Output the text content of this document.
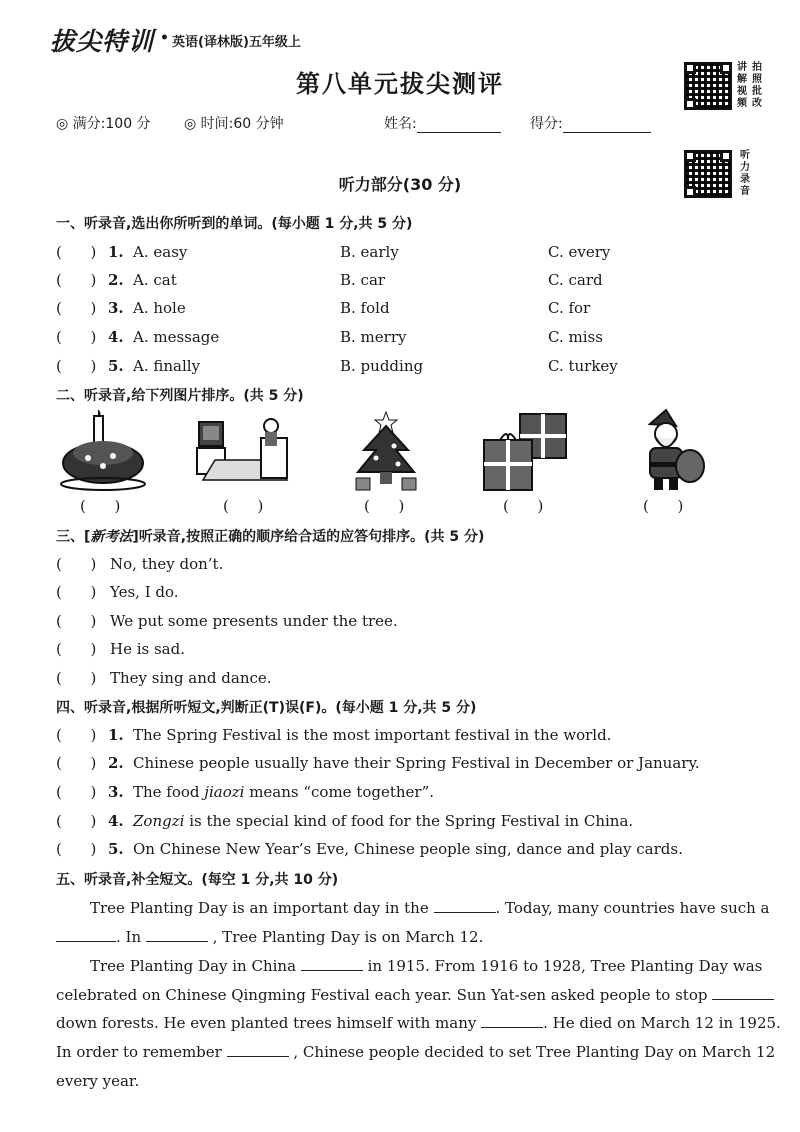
拔尖特训 • 英语(译林版)五年级上
第八单元拔尖测评
◎ 满分:100 分 ◎ 时间:60 分钟	姓名:	得分:
讲
解
视
频
拍
照
批
改
听
力
录
音
听力部分(30 分)
一、听录音,选出你所听到的单词。(每小题 1 分,共 5 分)
(      ) 1. A. easy	B. early	C. every
(      ) 2. A. cat	B. car	C. card
(      ) 3. A. hole	B. fold	C. for
(      ) 4. A. message	B. merry	C. miss
(      ) 5. A. finally	B. pudding	C. turkey
二、听录音,给下列图片排序。(共 5 分)
(      )	(      )	(      )	(      )	(      )
三、[新考法]听录音,按照正确的顺序给合适的应答句排序。(共 5 分)
(      ) No, they don’t.
(      ) Yes, I do.
(      ) We put some presents under the tree.
(      ) He is sad.
(      ) They sing and dance.
四、听录音,根据所听短文,判断正(T)误(F)。(每小题 1 分,共 5 分)
(      ) 1. The Spring Festival is the most important festival in the world.
(      ) 2. Chinese people usually have their Spring Festival in December or January.
(      ) 3. The food jiaozi means “come together”.
(      ) 4. Zongzi is the special kind of food for the Spring Festival in China.
(      ) 5. On Chinese New Year’s Eve, Chinese people sing, dance and play cards.
五、听录音,补全短文。(每空 1 分,共 10 分)
Tree Planting Day is an important day in the	. Today, many countries have such a
. In	, Tree Planting Day is on March 12.
Tree Planting Day in China	in 1915. From 1916 to 1928, Tree Planting Day was
celebrated on Chinese Qingming Festival each year. Sun Yat-sen asked people to stop
down forests. He even planted trees himself with many	. He died on March 12 in 1925.
In order to remember	, Chinese people decided to set Tree Planting Day on March 12
every year.
